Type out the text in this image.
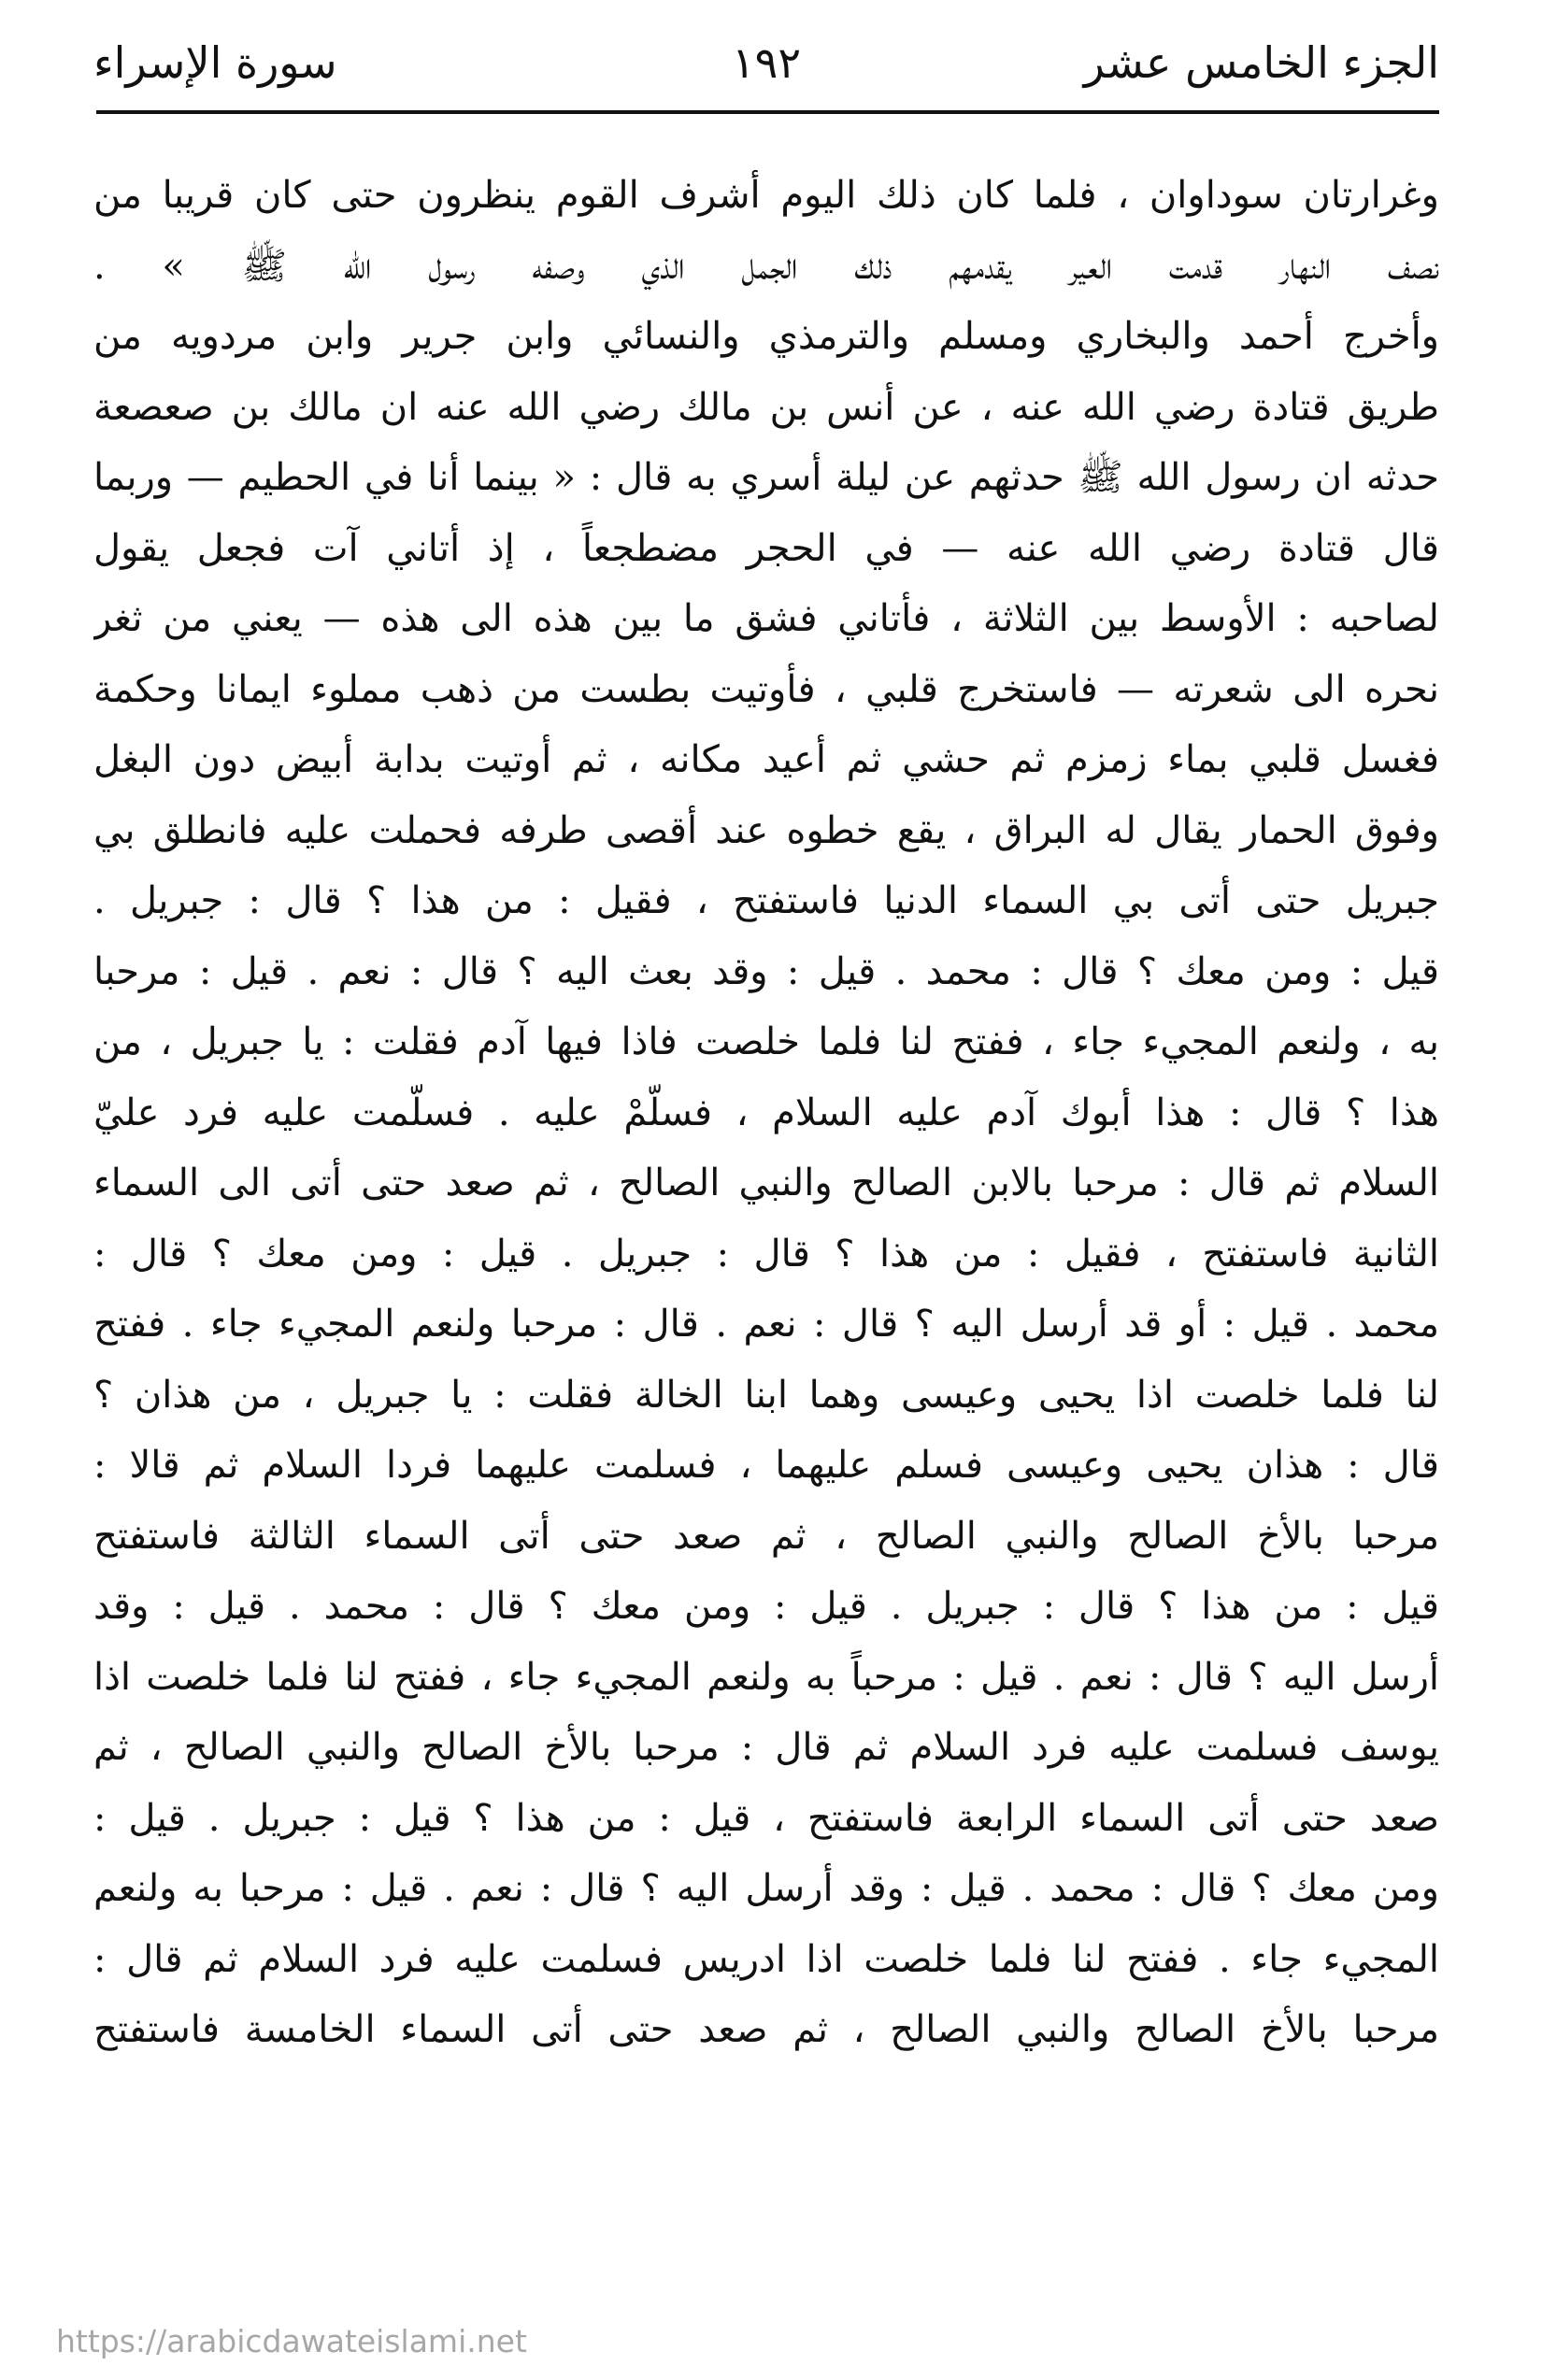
الجزء الخامس عشر
١٩٢
سورة الإسراء
وغرارتان سوداوان ، فلما كان ذلك اليوم أشرف القوم ينظرون حتى كان قريبا من
نصف النهار قدمت العير يقدمهم ذلك الجمل الذي وصفه رسول الله ﷺ » .
وأخرج أحمد والبخاري ومسلم والترمذي والنسائي وابن جرير وابن مردويه من
طريق قتادة رضي الله عنه ، عن أنس بن مالك رضي الله عنه ان مالك بن صعصعة
حدثه ان رسول الله ﷺ حدثهم عن ليلة أسري به قال : « بينما أنا في الحطيم — وربما
قال قتادة رضي الله عنه — في الحجر مضطجعاً ، إذ أتاني آت فجعل يقول
لصاحبه : الأوسط بين الثلاثة ، فأتاني فشق ما بين هذه الى هذه — يعني من ثغر
نحره الى شعرته — فاستخرج قلبي ، فأوتيت بطست من ذهب مملوء ايمانا وحكمة
فغسل قلبي بماء زمزم ثم حشي ثم أعيد مكانه ، ثم أوتيت بدابة أبيض دون البغل
وفوق الحمار يقال له البراق ، يقع خطوه عند أقصى طرفه فحملت عليه فانطلق بي
جبريل حتى أتى بي السماء الدنيا فاستفتح ، فقيل : من هذا ؟ قال : جبريل .
قيل : ومن معك ؟ قال : محمد . قيل : وقد بعث اليه ؟ قال : نعم . قيل : مرحبا
به ، ولنعم المجيء جاء ، ففتح لنا فلما خلصت فاذا فيها آدم فقلت : يا جبريل ، من
هذا ؟ قال : هذا أبوك آدم عليه السلام ، فسلّمْ عليه . فسلّمت عليه فرد عليّ
السلام ثم قال : مرحبا بالابن الصالح والنبي الصالح ، ثم صعد حتى أتى الى السماء
الثانية فاستفتح ، فقيل : من هذا ؟ قال : جبريل . قيل : ومن معك ؟ قال :
محمد . قيل : أو قد أرسل اليه ؟ قال : نعم . قال : مرحبا ولنعم المجيء جاء . ففتح
لنا فلما خلصت اذا يحيى وعيسى وهما ابنا الخالة فقلت : يا جبريل ، من هذان ؟
قال : هذان يحيى وعيسى فسلم عليهما ، فسلمت عليهما فردا السلام ثم قالا :
مرحبا بالأخ الصالح والنبي الصالح ، ثم صعد حتى أتى السماء الثالثة فاستفتح
قيل : من هذا ؟ قال : جبريل . قيل : ومن معك ؟ قال : محمد . قيل : وقد
أرسل اليه ؟ قال : نعم . قيل : مرحباً به ولنعم المجيء جاء ، ففتح لنا فلما خلصت اذا
يوسف فسلمت عليه فرد السلام ثم قال : مرحبا بالأخ الصالح والنبي الصالح ، ثم
صعد حتى أتى السماء الرابعة فاستفتح ، قيل : من هذا ؟ قيل : جبريل . قيل :
ومن معك ؟ قال : محمد . قيل : وقد أرسل اليه ؟ قال : نعم . قيل : مرحبا به ولنعم
المجيء جاء . ففتح لنا فلما خلصت اذا ادريس فسلمت عليه فرد السلام ثم قال :
مرحبا بالأخ الصالح والنبي الصالح ، ثم صعد حتى أتى السماء الخامسة فاستفتح
https://arabicdawateislami.net
